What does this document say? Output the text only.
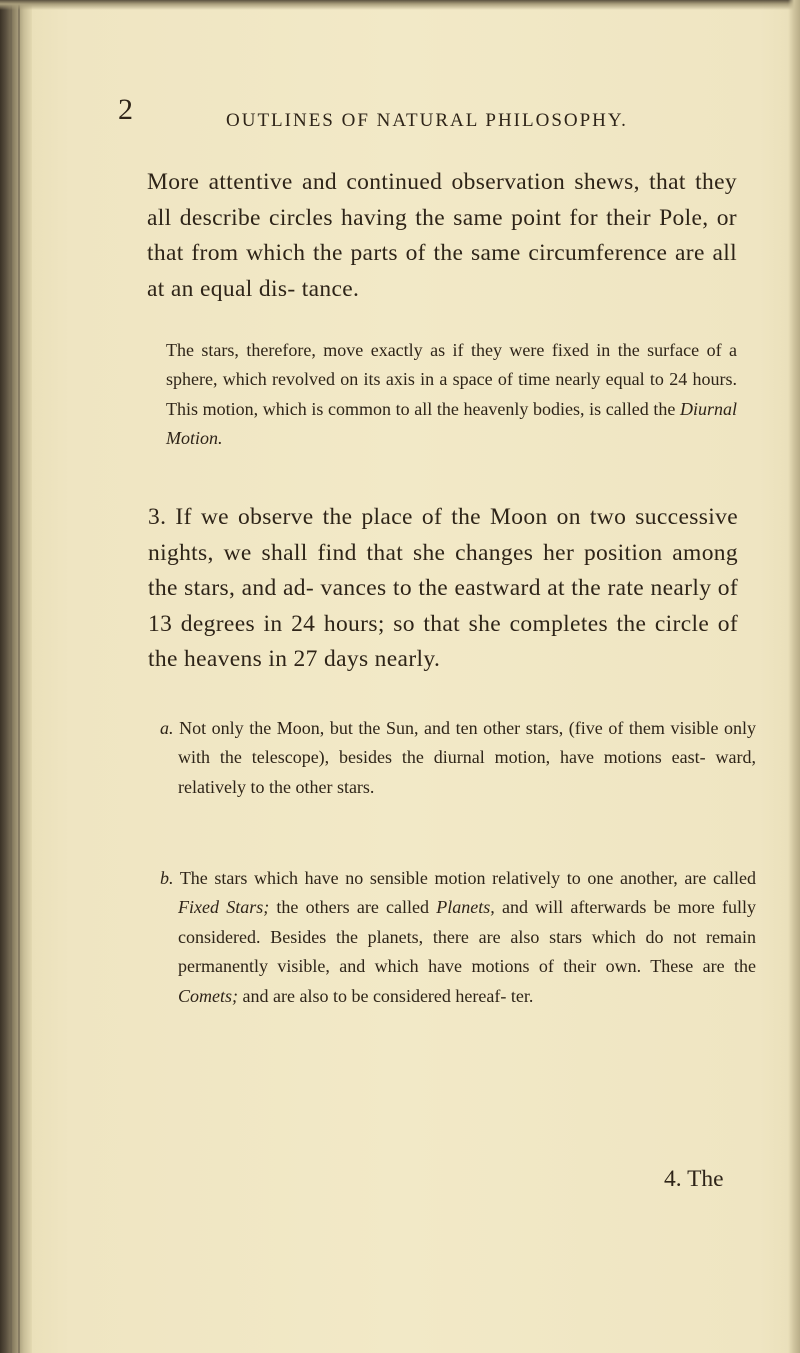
2	OUTLINES OF NATURAL PHILOSOPHY.

More attentive and continued observation shews, that they all describe circles having the same point for their Pole, or that from which the parts of the same circumference are all at an equal dis- tance.

The stars, therefore, move exactly as if they were fixed in the surface of a sphere, which revolved on its axis in a space of time nearly equal to 24 hours. This motion, which is common to all the heavenly bodies, is called the Diurnal Motion.

3. If we observe the place of the Moon on two successive nights, we shall find that she changes her position among the stars, and ad- vances to the eastward at the rate nearly of 13 degrees in 24 hours; so that she completes the circle of the heavens in 27 days nearly.

a. Not only the Moon, but the Sun, and ten other stars, (five of them visible only with the telescope), besides the diurnal motion, have motions east- ward, relatively to the other stars.

b. The stars which have no sensible motion relatively to one another, are called Fixed Stars; the others are called Planets, and will afterwards be more fully considered. Besides the planets, there are also stars which do not remain permanently visible, and which have motions of their own. These are the Comets; and are also to be considered hereaf- ter.

4. The
